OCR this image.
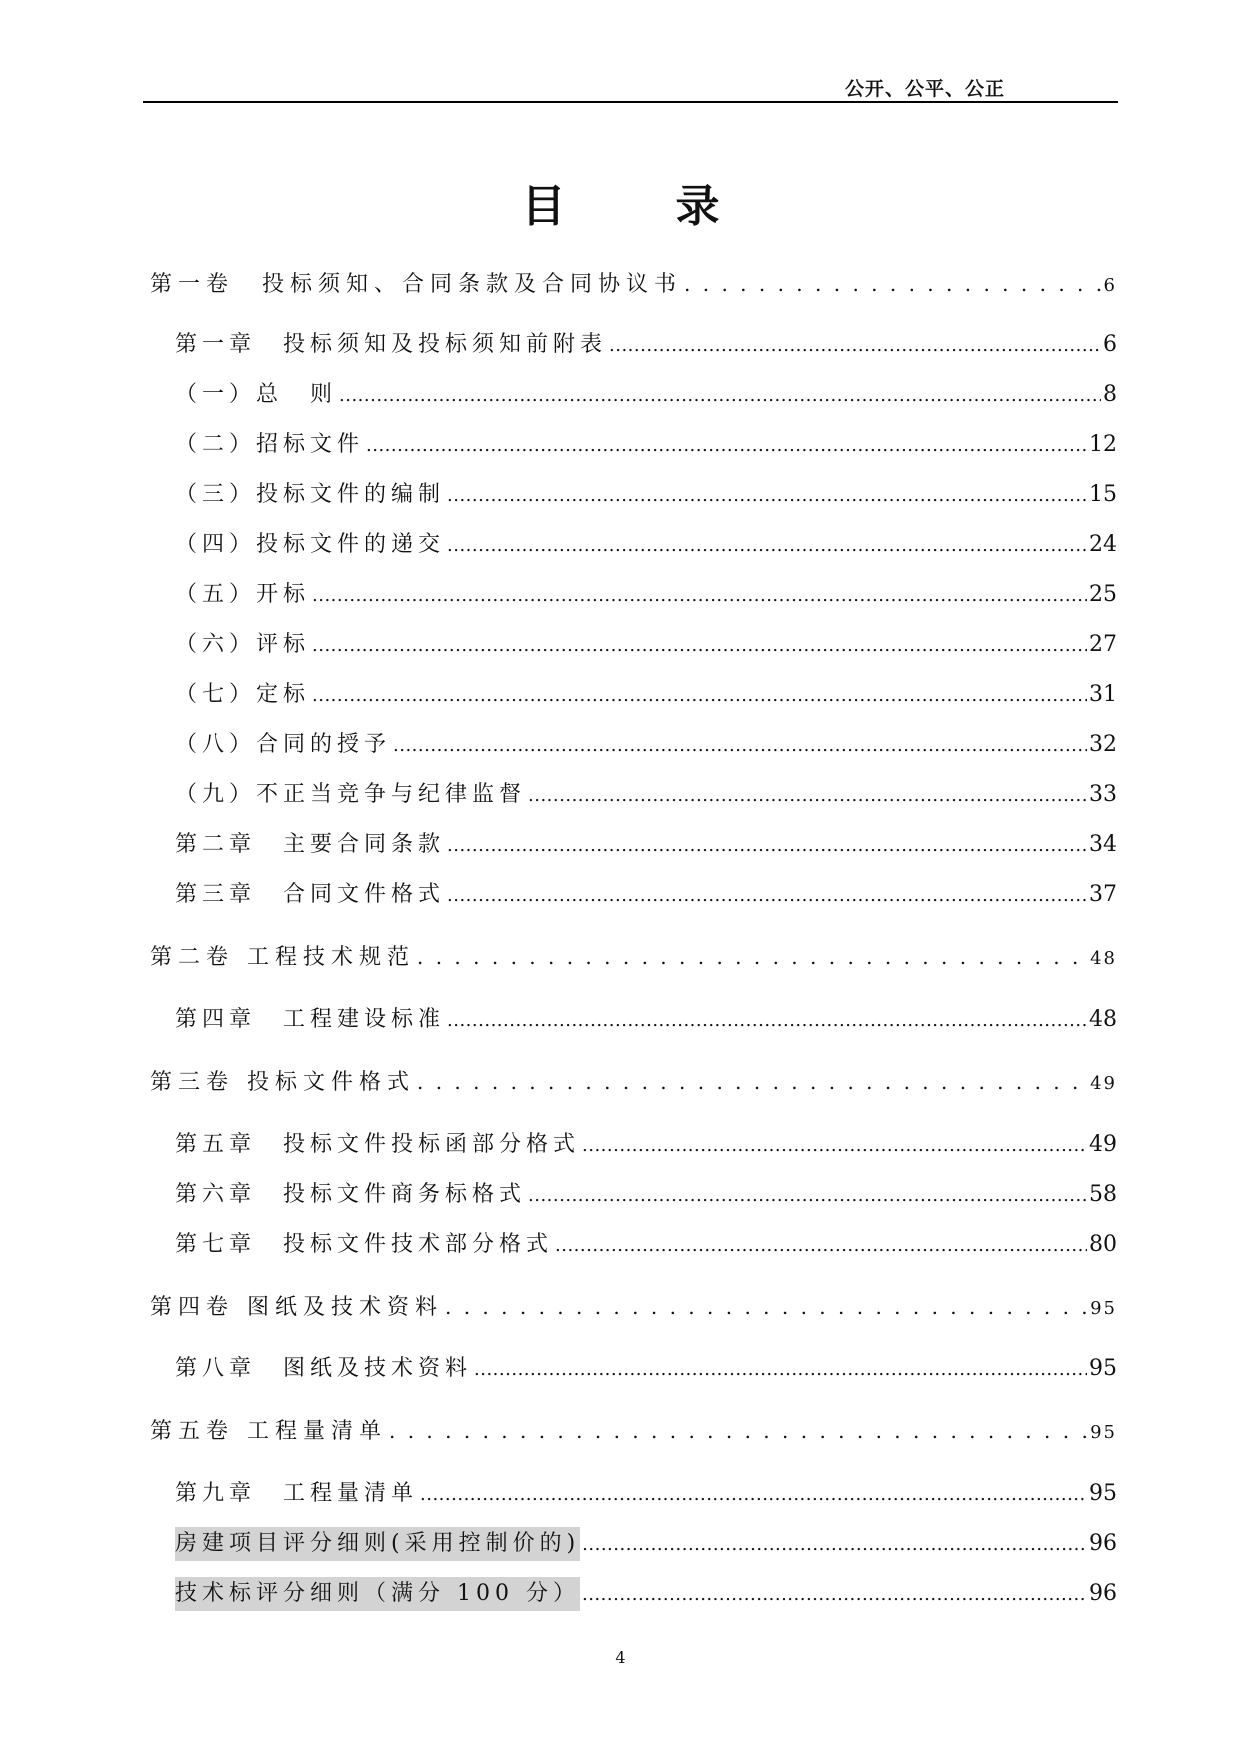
公开、公平、公正
目	录
第一卷　投标须知、合同条款及合同协议书 . . .	6
第一章　投标须知及投标须知前附表 .....	6
（一）总　则 .....	8
（二）招标文件 .....	12
（三）投标文件的编制 .....	15
（四）投标文件的递交 .....	24
（五）开标 .....	25
（六）评标 .....	27
（七）定标 .....	31
（八）合同的授予 .....	32
（九）不正当竞争与纪律监督 .....	33
第二章　主要合同条款 .....	34
第三章　合同文件格式 .....	37
第二卷 工程技术规范 . . .	48
第四章　工程建设标准 .....	48
第三卷 投标文件格式 . . .	49
第五章　投标文件投标函部分格式 .....	49
第六章　投标文件商务标格式 .....	58
第七章　投标文件技术部分格式 .....	80
第四卷 图纸及技术资料 . . .	95
第八章　图纸及技术资料 .....	95
第五卷 工程量清单 . . .	95
第九章　工程量清单 .....	95
房建项目评分细则(采用控制价的) .....	96
技术标评分细则（满分 100 分） .....	96
4
